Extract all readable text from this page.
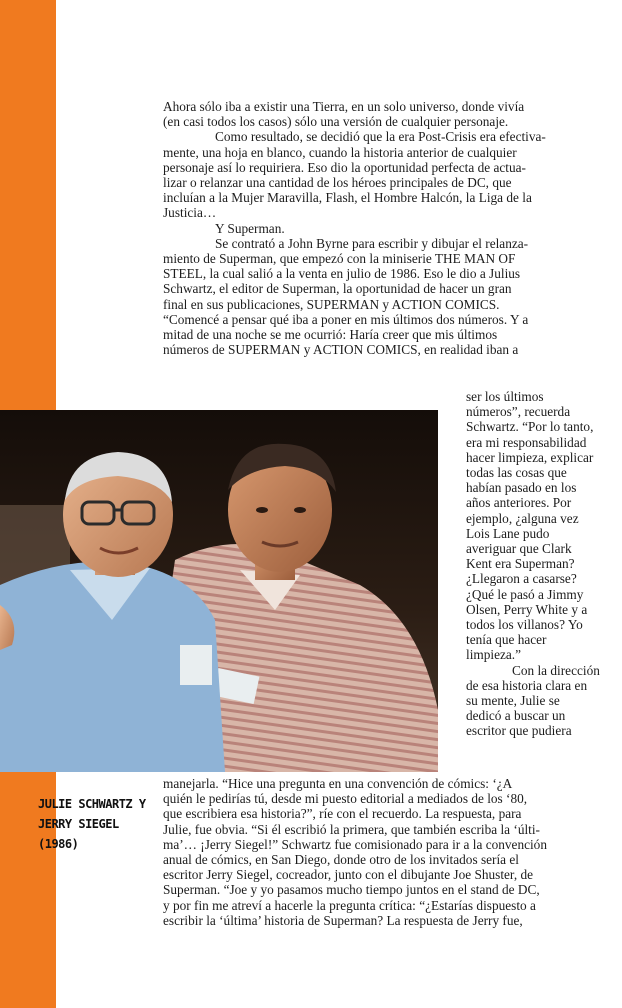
Ahora sólo iba a existir una Tierra, en un solo universo, donde vivía
(en casi todos los casos) sólo una versión de cualquier personaje.
Como resultado, se decidió que la era Post-Crisis era efectiva-
mente, una hoja en blanco, cuando la historia anterior de cualquier
personaje así lo requiriera. Eso dio la oportunidad perfecta de actua-
lizar o relanzar una cantidad de los héroes principales de DC, que
incluían a la Mujer Maravilla, Flash, el Hombre Halcón, la Liga de la
Justicia…
Y Superman.
Se contrató a John Byrne para escribir y dibujar el relanza-
miento de Superman, que empezó con la miniserie THE MAN OF
STEEL, la cual salió a la venta en julio de 1986. Eso le dio a Julius
Schwartz, el editor de Superman, la oportunidad de hacer un gran
final en sus publicaciones, SUPERMAN y ACTION COMICS.
“Comencé a pensar qué iba a poner en mis últimos dos números. Y a
mitad de una noche se me ocurrió: Haría creer que mis últimos
números de SUPERMAN y ACTION COMICS, en realidad iban a
ser los últimos
números”, recuerda
Schwartz. “Por lo tanto,
era mi responsabilidad
hacer limpieza, explicar
todas las cosas que
habían pasado en los
años anteriores. Por
ejemplo, ¿alguna vez
Lois Lane pudo
averiguar que Clark
Kent era Superman?
¿Llegaron a casarse?
¿Qué le pasó a Jimmy
Olsen, Perry White y a
todos los villanos? Yo
tenía que hacer
limpieza.”
Con la dirección
de esa historia clara en
su mente, Julie se
dedicó a buscar un
escritor que pudiera
manejarla. “Hice una pregunta en una convención de cómics: ‘¿A
quién le pedirías tú, desde mi puesto editorial a mediados de los ‘80,
que escribiera esa historia?”, ríe con el recuerdo. La respuesta, para
Julie, fue obvia. “Si él escribió la primera, que también escriba la ‘últi-
ma’… ¡Jerry Siegel!” Schwartz fue comisionado para ir a la convención
anual de cómics, en San Diego, donde otro de los invitados sería el
escritor Jerry Siegel, cocreador, junto con el dibujante Joe Shuster, de
Superman. “Joe y yo pasamos mucho tiempo juntos en el stand de DC,
y por fin me atreví a hacerle la pregunta crítica: “¿Estarías dispuesto a
escribir la ‘última’ historia de Superman? La respuesta de Jerry fue,
JULIE SCHWARTZ Y
JERRY SIEGEL
(1986)
